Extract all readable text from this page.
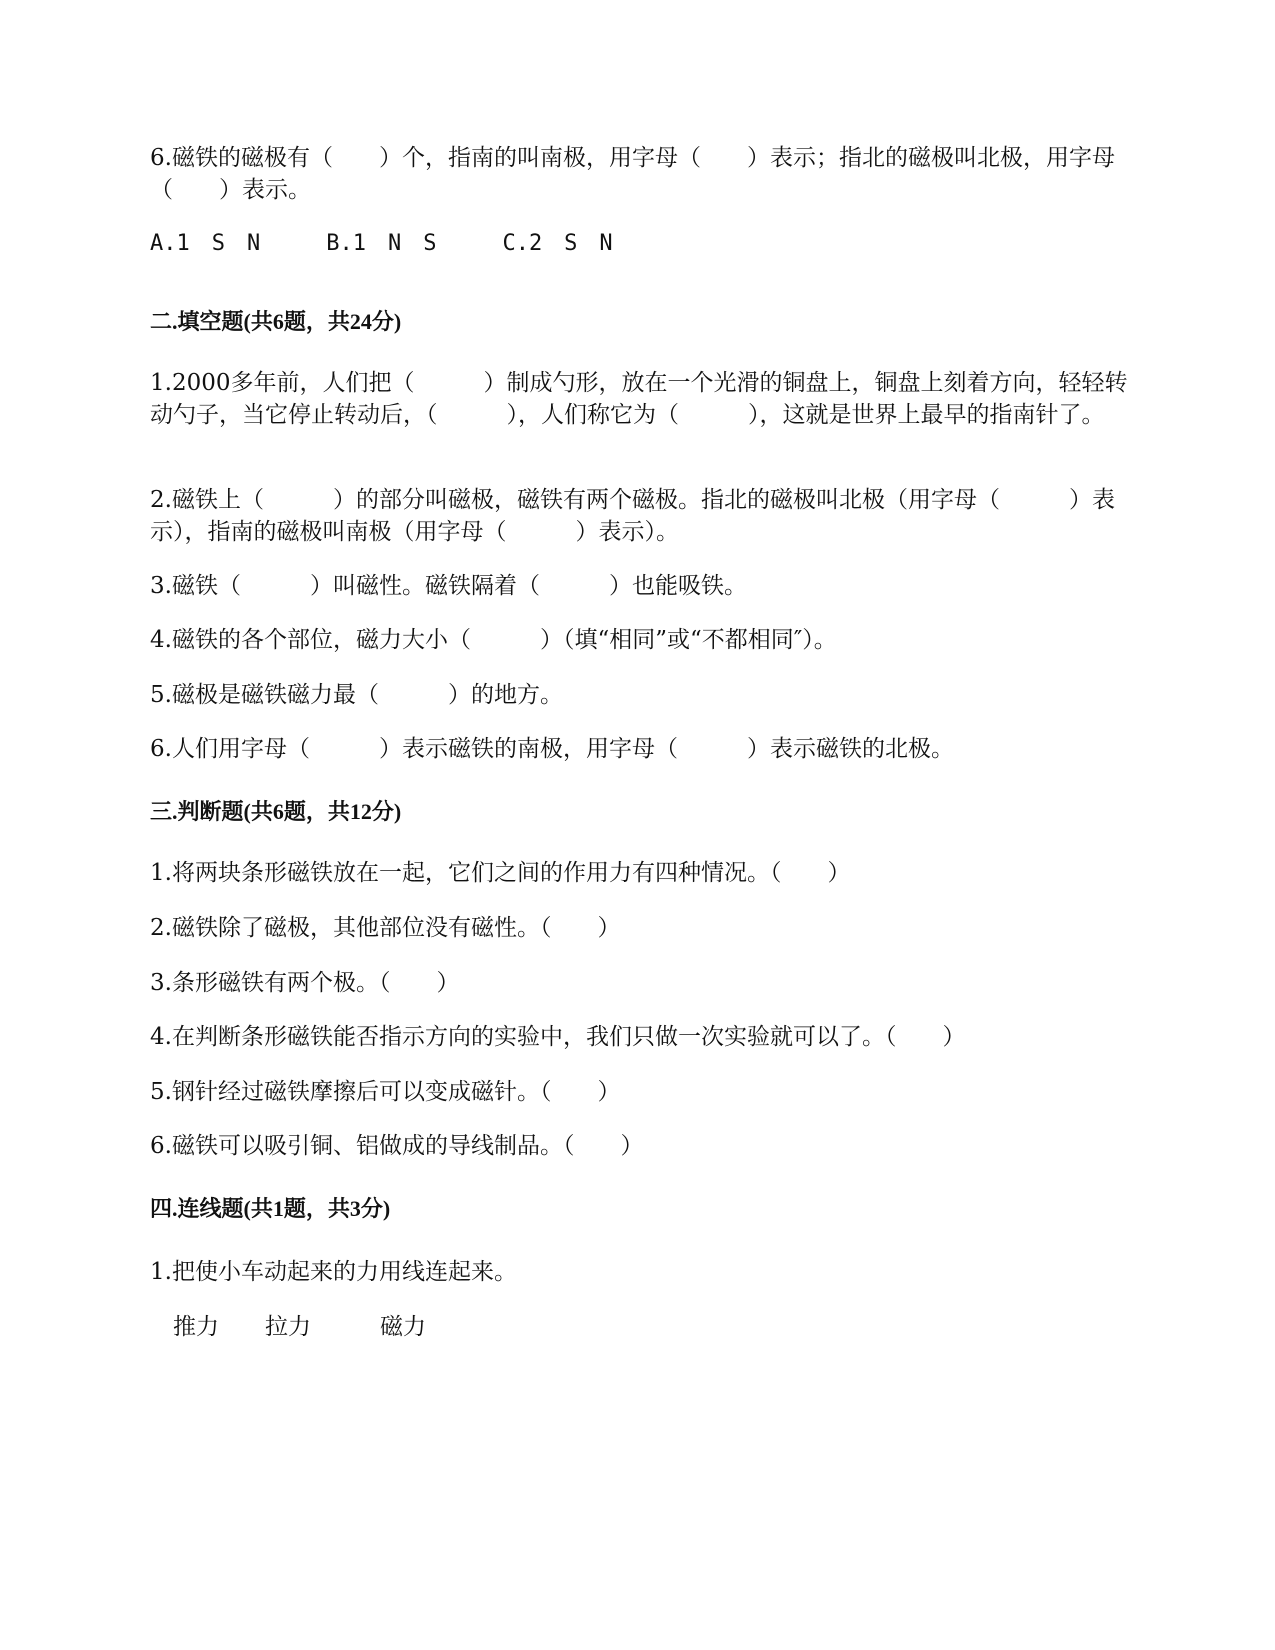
6.磁铁的磁极有（　　）个，指南的叫南极，用字母（　　）表示；指北的磁极叫北极，用字母（　　）表示。
A.1　S　N　　　B.1　N　S　　　C.2　S　N
二.填空题(共6题，共24分)
1.2000多年前，人们把（　　　）制成勺形，放在一个光滑的铜盘上，铜盘上刻着方向，轻轻转动勺子，当它停止转动后，（　　　），人们称它为（　　　），这就是世界上最早的指南针了。
2.磁铁上（　　　）的部分叫磁极，磁铁有两个磁极。指北的磁极叫北极（用字母（　　　）表示），指南的磁极叫南极（用字母（　　　）表示）。
3.磁铁（　　　）叫磁性。磁铁隔着（　　　）也能吸铁。
4.磁铁的各个部位，磁力大小（　　　）（填“相同”或“不都相同″）。
5.磁极是磁铁磁力最（　　　）的地方。
6.人们用字母（　　　）表示磁铁的南极，用字母（　　　）表示磁铁的北极。
三.判断题(共6题，共12分)
1.将两块条形磁铁放在一起，它们之间的作用力有四种情况。（　　）
2.磁铁除了磁极，其他部位没有磁性。（　　）
3.条形磁铁有两个极。（　　）
4.在判断条形磁铁能否指示方向的实验中，我们只做一次实验就可以了。（　　）
5.钢针经过磁铁摩擦后可以变成磁针。（　　）
6.磁铁可以吸引铜、铝做成的导线制品。（　　）
四.连线题(共1题，共3分)
1.把使小车动起来的力用线连起来。
　推力　　拉力　　　磁力
